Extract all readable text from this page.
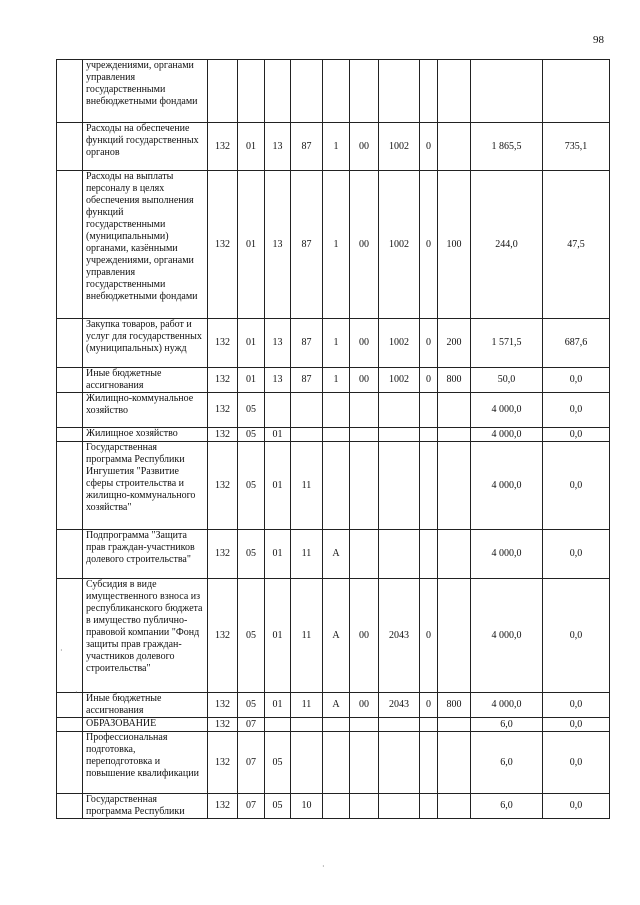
98
	учреждениями, органами управления государственными внебюджетными фондами											
	Расходы на обеспечение функций государственных органов	132	01	13	87	1	00	1002	0		1 865,5	735,1
	Расходы на выплаты персоналу в целях обеспечения выполнения функций государственными (муниципальными) органами, казёнными учреждениями, органами управления государственными внебюджетными фондами	132	01	13	87	1	00	1002	0	100	244,0	47,5
	Закупка товаров, работ и услуг для государственных (муниципальных) нужд	132	01	13	87	1	00	1002	0	200	1 571,5	687,6
	Иные бюджетные ассигнования	132	01	13	87	1	00	1002	0	800	50,0	0,0
	Жилищно-коммунальное хозяйство	132	05								4 000,0	0,0
	Жилищное хозяйство	132	05	01							4 000,0	0,0
	Государственная программа Республики Ингушетия "Развитие сферы строительства и жилищно-коммунального хозяйства"	132	05	01	11						4 000,0	0,0
	Подпрограмма "Защита прав граждан-участников долевого строительства"	132	05	01	11	А					4 000,0	0,0
	Субсидия в виде имущественного взноса из республиканского бюджета в имущество публично-правовой компании "Фонд защиты прав граждан-участников долевого строительства"	132	05	01	11	А	00	2043	0		4 000,0	0,0
	Иные бюджетные ассигнования	132	05	01	11	А	00	2043	0	800	4 000,0	0,0
	ОБРАЗОВАНИЕ	132	07								6,0	0,0
	Профессиональная подготовка, переподготовка и повышение квалификации	132	07	05							6,0	0,0
	Государственная программа Республики	132	07	05	10						6,0	0,0
·
·
·
